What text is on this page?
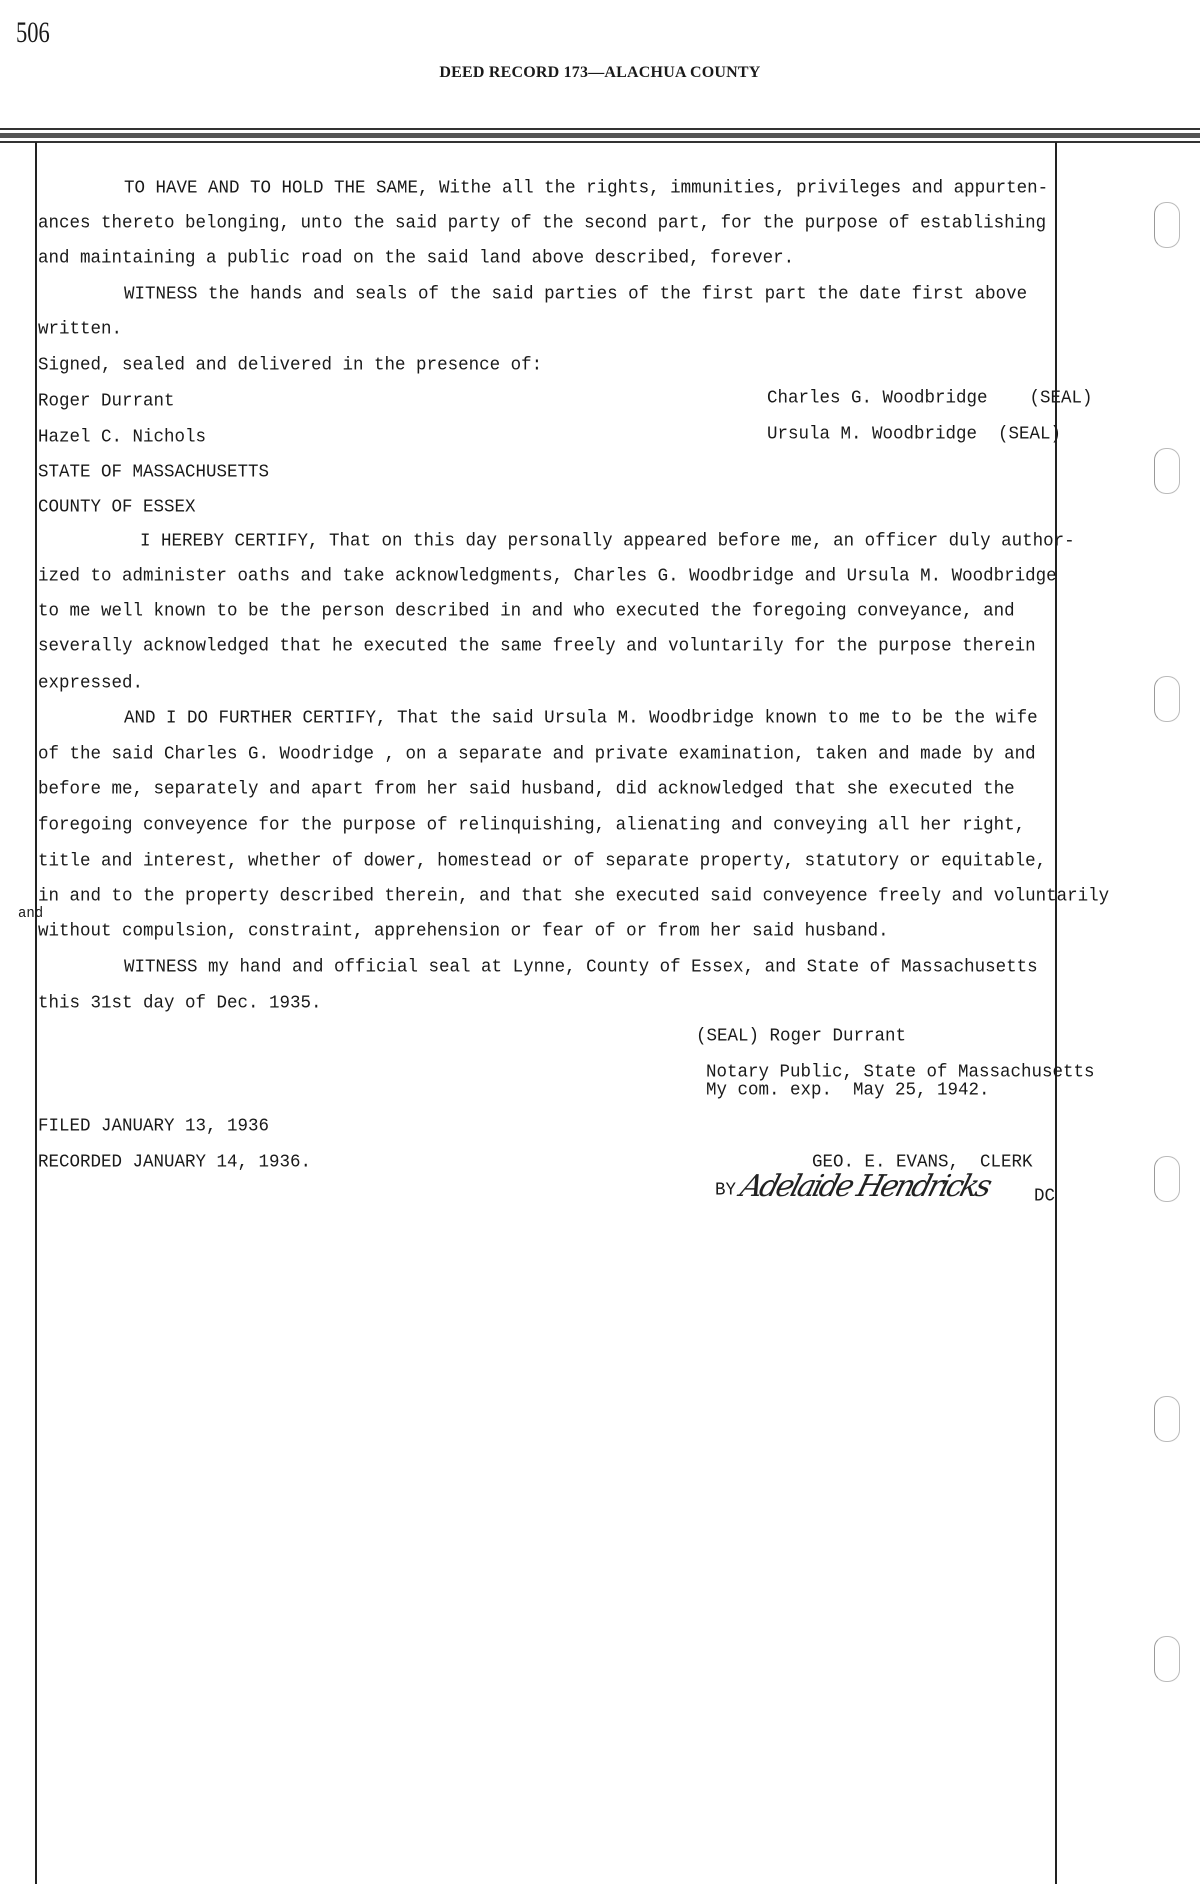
506
DEED RECORD 173—ALACHUA COUNTY
TO HAVE AND TO HOLD THE SAME, Withe all the rights, immunities, privileges and appurten-
ances thereto belonging, unto the said party of the second part, for the purpose of establishing
and maintaining a public road on the said land above described, forever.
WITNESS the hands and seals of the said parties of the first part the date first above
written.
Signed, sealed and delivered in the presence of:
Roger Durrant	Charles G. Woodbridge    (SEAL)
Hazel C. Nichols	Ursula M. Woodbridge  (SEAL)
STATE OF MASSACHUSETTS
COUNTY OF ESSEX
I HEREBY CERTIFY, That on this day personally appeared before me, an officer duly author-
ized to administer oaths and take acknowledgments, Charles G. Woodbridge and Ursula M. Woodbridge
to me well known to be the person described in and who executed the foregoing conveyance, and
severally acknowledged that he executed the same freely and voluntarily for the purpose therein
expressed.
AND I DO FURTHER CERTIFY, That the said Ursula M. Woodbridge known to me to be the wife
of the said Charles G. Woodridge , on a separate and private examination, taken and made by and
before me, separately and apart from her said husband, did acknowledged that she executed the
foregoing conveyence for the purpose of relinquishing, alienating and conveying all her right,
title and interest, whether of dower, homestead or of separate property, statutory or equitable,
in and to the property described therein, and that she executed said conveyence freely and voluntarily
and
without compulsion, constraint, apprehension or fear of or from her said husband.
WITNESS my hand and official seal at Lynne, County of Essex, and State of Massachusetts
this 31st day of Dec. 1935.
(SEAL) Roger Durrant
Notary Public, State of Massachusetts
My com. exp.  May 25, 1942.
FILED JANUARY 13, 1936
RECORDED JANUARY 14, 1936.	GEO. E. EVANS,  CLERK
BY Adelaide Hendricks DC
